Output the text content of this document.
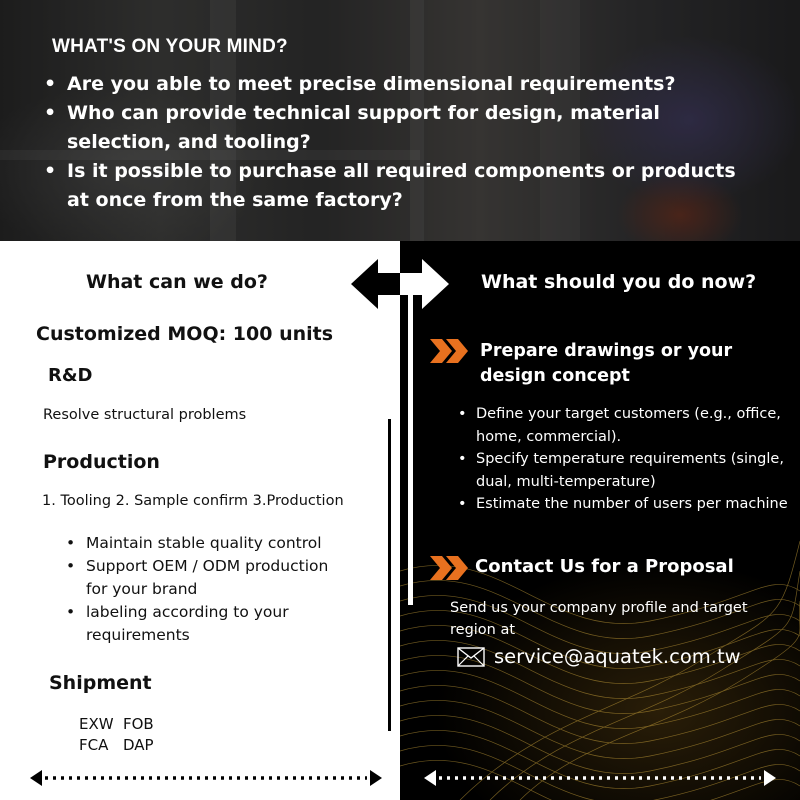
WHAT'S ON YOUR MIND?
• Are you able to meet precise dimensional requirements?
• Who can provide technical support for design, material selection, and tooling?
• Is it possible to purchase all required components or products at once from the same factory?
What can we do?
Customized MOQ: 100 units
R&D
Resolve structural problems
Production
1. Tooling 2. Sample confirm 3.Production
• Maintain stable quality control
• Support OEM / ODM production for your brand
• labeling according to your requirements
Shipment
EXW FOB
FCA DAP
What should you do now?
Prepare drawings or your design concept
• Define your target customers (e.g., office, home, commercial).
• Specify temperature requirements (single, dual, multi-temperature)
• Estimate the number of users per machine
Contact Us for a Proposal
Send us your company profile and target region at
service@aquatek.com.tw
